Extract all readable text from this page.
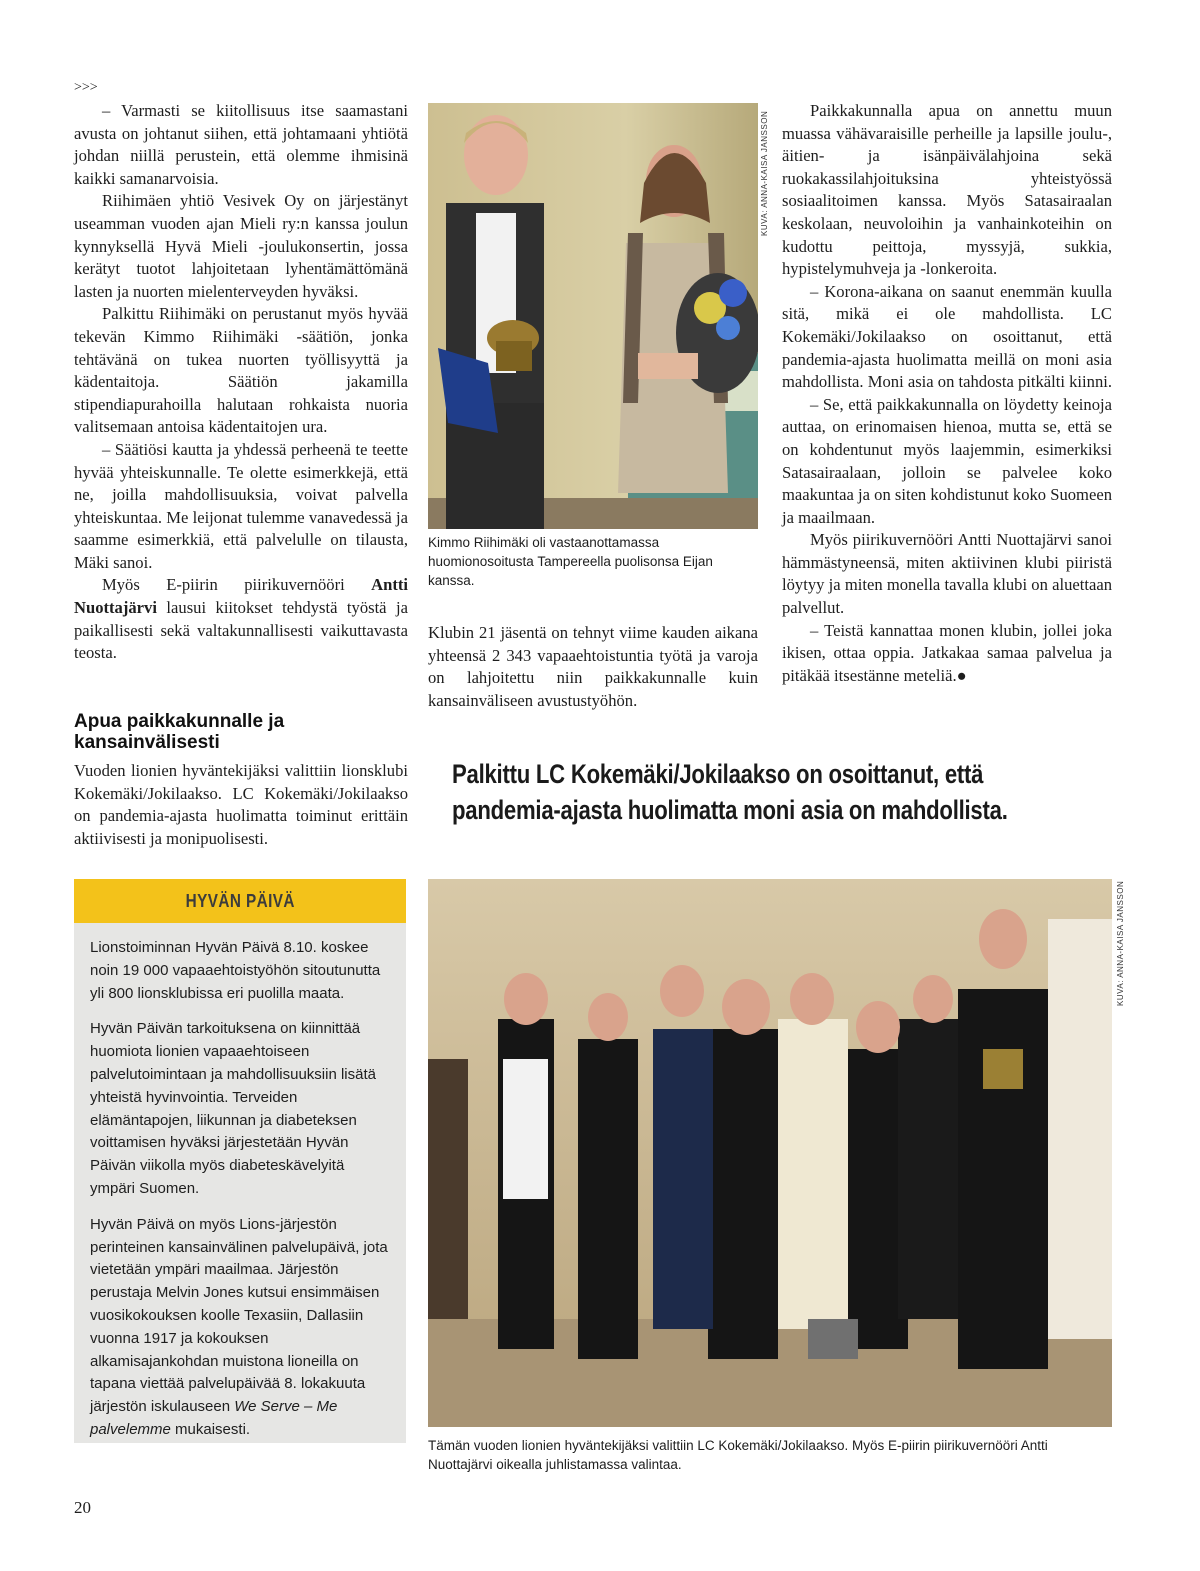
>>>

– Varmasti se kiitollisuus itse saamastani avusta on johtanut siihen, että johtamaani yhtiötä johdan niillä perustein, että olemme ihmisinä kaikki samanarvoisia.

Riihimäen yhtiö Vesivek Oy on järjestänyt useamman vuoden ajan Mieli ry:n kanssa joulun kynnyksellä Hyvä Mieli -joulukonsertin, jossa kerätyt tuotot lahjoitetaan lyhentämättömänä lasten ja nuorten mielenterveyden hyväksi.

Palkittu Riihimäki on perustanut myös hyvää tekevän Kimmo Riihimäki -säätiön, jonka tehtävänä on tukea nuorten työllisyyttä ja kädentaitoja. Säätiön jakamilla stipendiapurahoilla halutaan rohkaista nuoria valitsemaan antoisa kädentaitojen ura.

– Säätiösi kautta ja yhdessä perheenä te teette hyvää yhteiskunnalle. Te olette esimerkkejä, että ne, joilla mahdollisuuksia, voivat palvella yhteiskuntaa. Me leijonat tulemme vanavedessä ja saamme esimerkkiä, että palvelulle on tilausta, Mäki sanoi.

Myös E-piirin piirikuvernööri Antti Nuottajärvi lausui kiitokset tehdystä työstä ja paikallisesti sekä valtakunnallisesti vaikuttavasta teosta.

Apua paikkakunnalle ja kansainvälisesti
Vuoden lionien hyväntekijäksi valittiin lionsklubi Kokemäki/Jokilaakso. LC Kokemäki/Jokilaakso on pandemia-ajasta huolimatta toiminut erittäin aktiivisesti ja monipuolisesti.
KUVA: ANNA-KAISA JANSSON
Kimmo Riihimäki oli vastaanottamassa huomionosoitusta Tampereella puolisonsa Eijan kanssa.

Klubin 21 jäsentä on tehnyt viime kauden aikana yhteensä 2 343 vapaaehtoistuntia työtä ja varoja on lahjoitettu niin paikkakunnalle kuin kansainväliseen avustustyöhön.

Paikkakunnalla apua on annettu muun muassa vähävaraisille perheille ja lapsille joulu-, äitien- ja isänpäivälahjoina sekä ruokakassilahjoituksina yhteistyössä sosiaalitoimen kanssa. Myös Satasairaalan keskolaan, neuvoloihin ja vanhainkoteihin on kudottu peittoja, myssyjä, sukkia, hypistelymuhveja ja -lonkeroita.

– Korona-aikana on saanut enemmän kuulla sitä, mikä ei ole mahdollista. LC Kokemäki/Jokilaakso on osoittanut, että pandemia-ajasta huolimatta meillä on moni asia mahdollista. Moni asia on tahdosta pitkälti kiinni.

– Se, että paikkakunnalla on löydetty keinoja auttaa, on erinomaisen hienoa, mutta se, että se on kohdentunut myös laajemmin, esimerkiksi Satasairaalaan, jolloin se palvelee koko maakuntaa ja on siten kohdistunut koko Suomeen ja maailmaan.

Myös piirikuvernööri Antti Nuottajärvi sanoi hämmästyneensä, miten aktiivinen klubi piiristä löytyy ja miten monella tavalla klubi on aluettaan palvellut.

– Teistä kannattaa monen klubin, jollei joka ikisen, ottaa oppia. Jatkakaa samaa palvelua ja pitäkää itsestänne meteliä.●

Palkittu LC Kokemäki/Jokilaakso on osoittanut, että
pandemia-ajasta huolimatta moni asia on mahdollista.
HYVÄN PÄIVÄ

Lionstoiminnan Hyvän Päivä 8.10. koskee noin 19 000 vapaaehtoistyöhön sitoutunutta yli 800 lionsklubissa eri puolilla maata.

Hyvän Päivän tarkoituksena on kiinnittää huomiota lionien vapaaehtoiseen palvelutoimintaan ja mahdollisuuksiin lisätä yhteistä hyvinvointia. Terveiden elämäntapojen, liikunnan ja diabeteksen voittamisen hyväksi järjestetään Hyvän Päivän viikolla myös diabeteskävelyitä ympäri Suomen.

Hyvän Päivä on myös Lions-järjestön perinteinen kansainvälinen palvelupäivä, jota vietetään ympäri maailmaa. Järjestön perustaja Melvin Jones kutsui ensimmäisen vuosikokouksen koolle Texasiin, Dallasiin vuonna 1917 ja kokouksen alkamisajankohdan muistona lioneilla on tapana viettää palvelupäivää 8. lokakuuta järjestön iskulauseen We Serve – Me palvelemme mukaisesti.

KUVA: ANNA-KAISA JANSSON
Tämän vuoden lionien hyväntekijäksi valittiin LC Kokemäki/Jokilaakso. Myös E-piirin piirikuvernööri Antti Nuottajärvi oikealla juhlistamassa valintaa.
20
